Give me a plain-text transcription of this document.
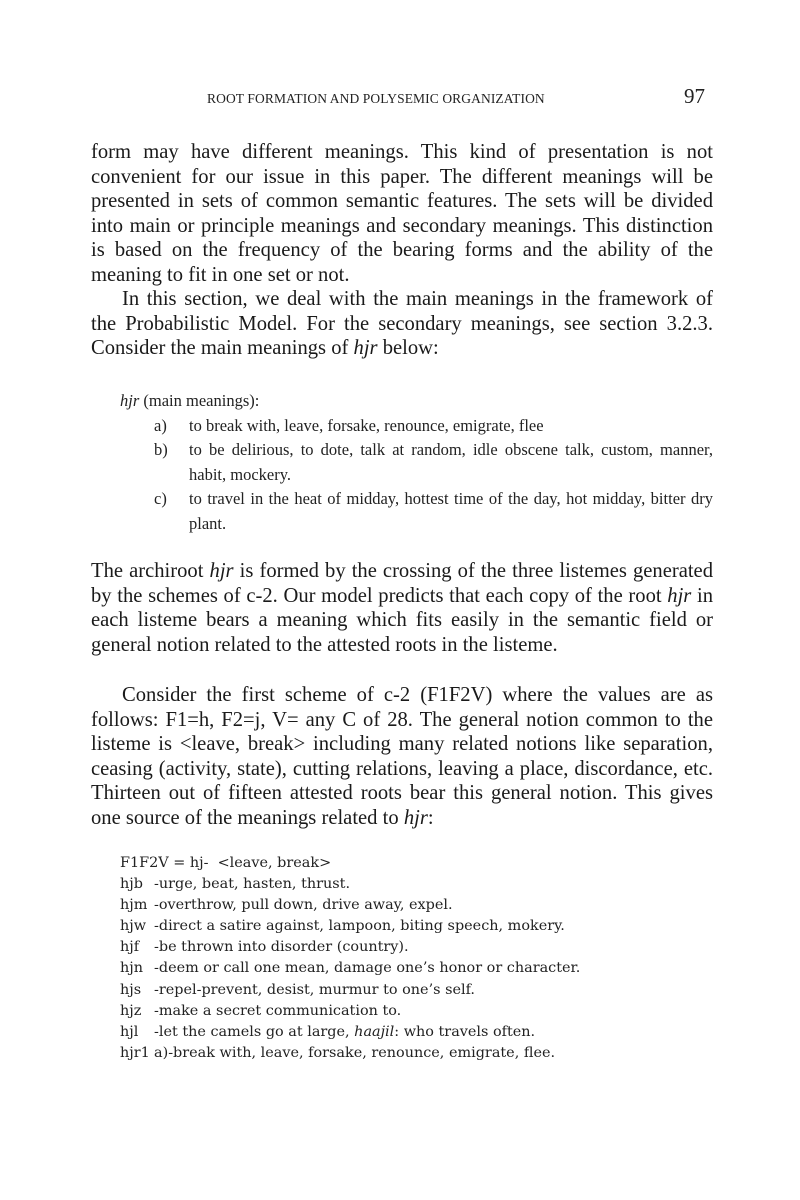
ROOT FORMATION AND POLYSEMIC ORGANIZATION	97

form may have different meanings. This kind of presentation is not convenient for our issue in this paper. The different meanings will be presented in sets of common semantic features. The sets will be divided into main or principle meanings and secondary meanings. This distinction is based on the frequency of the bearing forms and the ability of the meaning to fit in one set or not.

In this section, we deal with the main meanings in the framework of the Probabilistic Model. For the secondary meanings, see section 3.2.3. Consider the main meanings of hjr below:

hjr (main meanings):
a) to break with, leave, forsake, renounce, emigrate, flee
b) to be delirious, to dote, talk at random, idle obscene talk, custom, manner, habit, mockery.
c) to travel in the heat of midday, hottest time of the day, hot midday, bitter dry plant.

The archiroot hjr is formed by the crossing of the three listemes generated by the schemes of c-2. Our model predicts that each copy of the root hjr in each listeme bears a meaning which fits easily in the semantic field or general notion related to the attested roots in the listeme.

Consider the first scheme of c-2 (F1F2V) where the values are as follows: F1=h, F2=j, V= any C of 28. The general notion common to the listeme is <leave, break> including many related notions like separation, ceasing (activity, state), cutting relations, leaving a place, discordance, etc. Thirteen out of fifteen attested roots bear this general notion. This gives one source of the meanings related to hjr:

F1F2V = hj-  <leave, break>
hjb -urge, beat, hasten, thrust.
hjm -overthrow, pull down, drive away, expel.
hjw -direct a satire against, lampoon, biting speech, mokery.
hjf -be thrown into disorder (country).
hjn -deem or call one mean, damage one’s honor or character.
hjs -repel-prevent, desist, murmur to one’s self.
hjz -make a secret communication to.
hjl -let the camels go at large, haajil: who travels often.
hjr1 a)-break with, leave, forsake, renounce, emigrate, flee.
